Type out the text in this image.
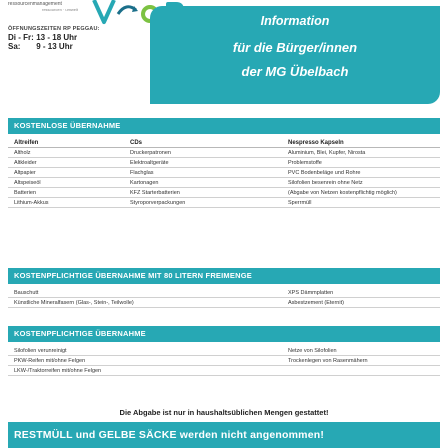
ressourcenmanagement
ressourcen · umwelt
ÖFFNUNGSZEITEN RP PEGGAU:
Di - Fr: 13 - 18 Uhr
Sa: 9 - 13 Uhr
Information
für die Bürger/innen
der MG Übelbach
KOSTENLOSE ÜBERNAHME
Altreifen	CDs	Nespresso Kapseln
Altholz	Druckerpatronen	Aluminium, Blei, Kupfer, Nirosta
Altkleider	Elektroaltgeräte	Problemstoffe
Altpapier	Flachglas	PVC Bodenbeläge und Rohre
Altspeiseöl	Kartonagen	Silofolien besenrein ohne Netz
Batterien	KFZ Starterbatterien	(Abgabe von Netzen kostenpflichtig möglich)
Lithium-Akkus	Styroporverpackungen	Sperrmüll
KOSTENPFLICHTIGE ÜBERNAHME MIT 80 LITERN FREIMENGE
Bauschutt	XPS Dämmplatten
Künstliche Mineralfasern (Glas-, Stein-, Teilwolle)	Asbestzement (Eternit)
KOSTENPFLICHTIGE ÜBERNAHME
Silofolien verunreinigt	Netze von Silofolien
PKW-Reifen mit/ohne Felgen	Trockenlegen von Rasenmähern
LKW-/Traktorreifen mit/ohne Felgen
Die Abgabe ist nur in haushaltsüblichen Mengen gestattet!
RESTMÜLL und GELBE SÄCKE werden nicht angenommen!
